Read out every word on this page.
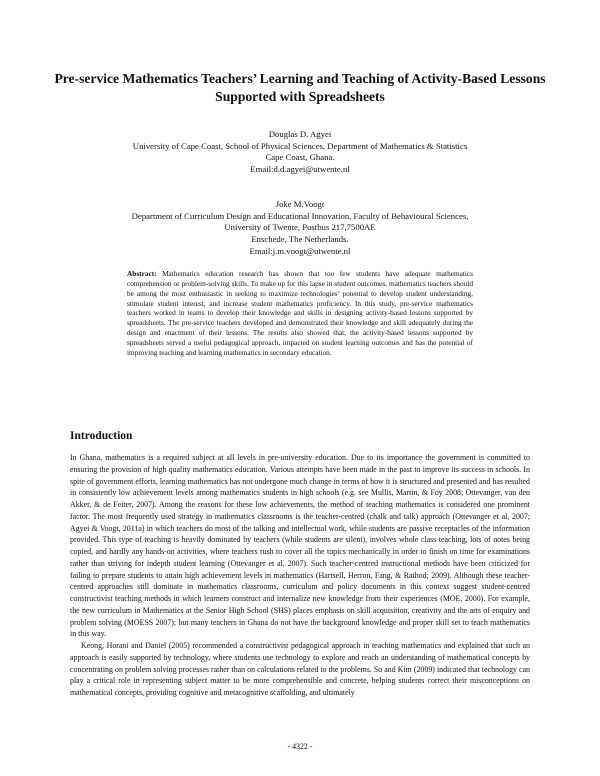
Pre-service Mathematics Teachers’ Learning and Teaching of Activity-Based Lessons Supported with Spreadsheets
Douglas D. Agyei
University of Cape Coast, School of Physical Sciences, Department of Mathematics & Statistics
Cape Coast, Ghana.
Email:d.d.agyei@utwente.nl
Joke M.Voogt
Department of Curriculum Design and Educational Innovation, Faculty of Behavioural Sciences,
University of Twente, Postbus 217,7500AE
Enschede, The Netherlands.
Email:j.m.voogt@utwente.nl
Abstract: Mathematics education research has shown that too few students have adequate mathematics comprehension or problem-solving skills. To make up for this lapse in student outcomes, mathematics teachers should be among the most enthusiastic in seeking to maximize technologies’ potential to develop student understanding, stimulate student interest, and increase student mathematics proficiency. In this study, pre-service mathematics teachers worked in teams to develop their knowledge and skills in designing activity-based lessons supported by spreadsheets. The pre-service teachers developed and demonstrated their knowledge and skill adequately during the design and enactment of their lessons. The results also showed that, the activity-based lessons supported by spreadsheets served a useful pedagogical approach, impacted on student learning outcomes and has the potential of improving teaching and learning mathematics in secondary education.
Introduction

In Ghana, mathematics is a required subject at all levels in pre-university education. Due to its importance the government is committed to ensuring the provision of high quality mathematics education. Various attempts have been made in the past to improve its success in schools. In spite of government efforts, learning mathematics has not undergone much change in terms of how it is structured and presented and has resulted in consistently low achievement levels among mathematics students in high schools (e.g. see Mullis, Martin, & Foy 2008; Ottevanger, van den Akker, & de Feiter, 2007). Among the reasons for these low achievements, the method of teaching mathematics is considered one prominent factor. The most frequently used strategy in mathematics classrooms is the teacher-centred (chalk and talk) approach (Ottevanger et al, 2007; Agyei & Voogt, 2011a) in which teachers do most of the talking and intellectual work, while students are passive receptacles of the information provided. This type of teaching is heavily dominated by teachers (while students are silent), involves whole class teaching, lots of notes being copied, and hardly any hands-on activities, where teachers rush to cover all the topics mechanically in order to finish on time for examinations rather than striving for indepth student learning (Ottevanger et al, 2007). Such teacher-centred instructional methods have been criticized for failing to prepare students to attain high achievement levels in mathematics (Hartsell, Herron, Fang, & Rathod; 2009). Although these teacher-centred approaches still dominate in mathematics classrooms, curriculum and policy documents in this context suggest student-centred constructivist teaching methods in which learners construct and internalize new knowledge from their experiences (MOE, 2000). For example, the new curriculum in Mathematics at the Senior High School (SHS) places emphasis on skill acquisition, creativity and the arts of enquiry and problem solving (MOESS 2007); but many teachers in Ghana do not have the background knowledge and proper skill set to teach mathematics in this way.

Keong, Horani and Daniel (2005) recommended a constructivist pedagogical approach in teaching mathematics and explained that such an approach is easily supported by technology, where students use technology to explore and reach an understanding of mathematical concepts by concentrating on problem solving processes rather than on calculations related to the problems. So and Kim (2009) indicated that technology can play a critical role in representing subject matter to be more comprehensible and concrete, helping students correct their misconceptions on mathematical concepts, providing cognitive and metacognitive scaffolding, and ultimately

- 4322 -
